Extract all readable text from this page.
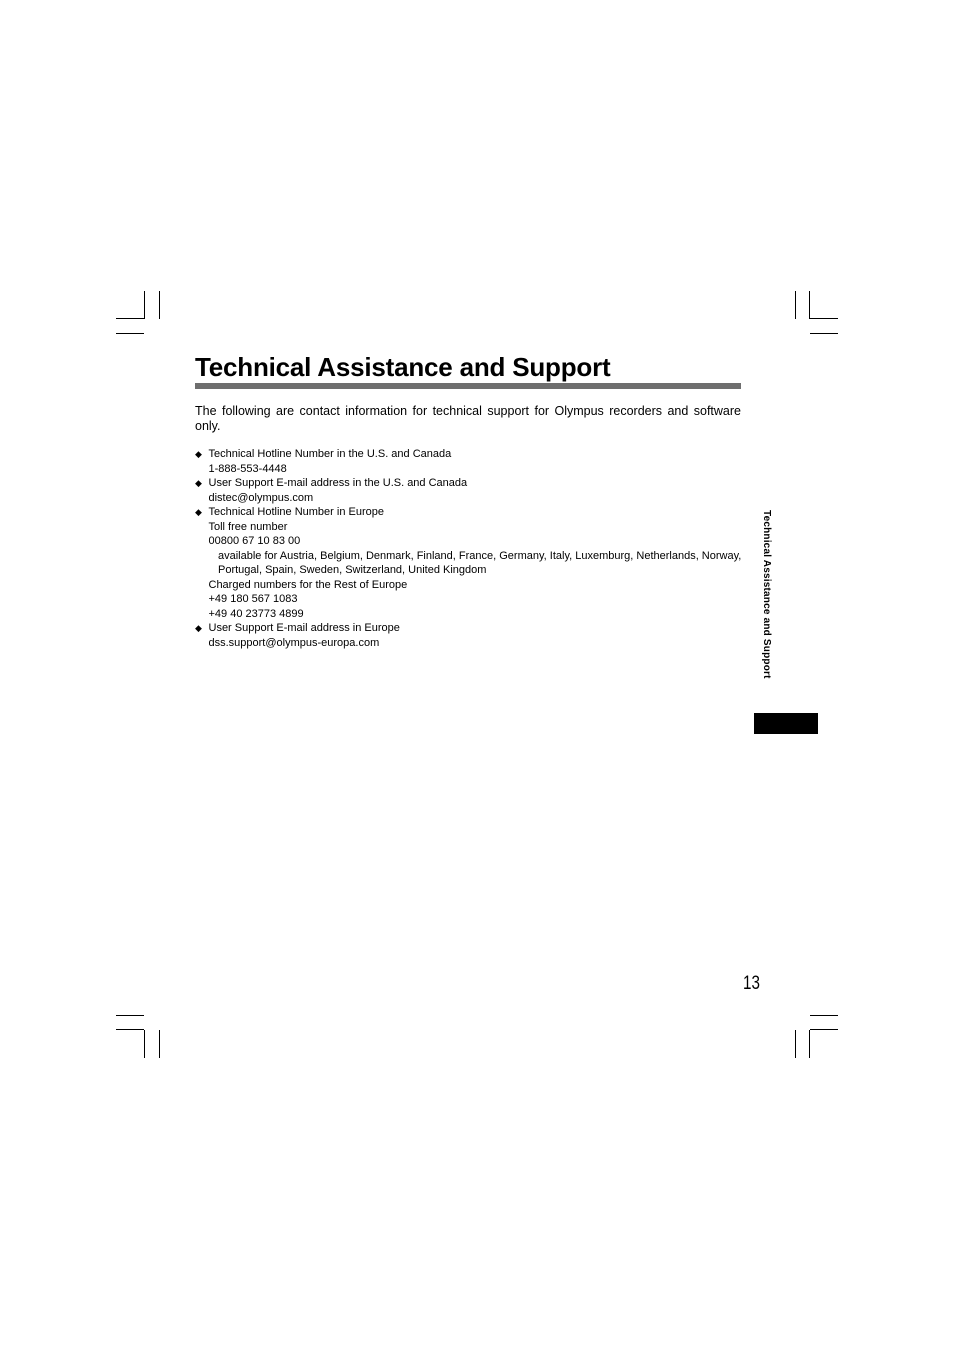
Technical Assistance and Support

The following are contact information for technical support for Olympus recorders and software only.

◆ Technical Hotline Number in the U.S. and Canada
1-888-553-4448
◆ User Support E-mail address in the U.S. and Canada
distec@olympus.com
◆ Technical Hotline Number in Europe
Toll free number
00800 67 10 83 00
available for Austria, Belgium, Denmark, Finland, France, Germany, Italy, Luxemburg, Netherlands, Norway, Portugal, Spain, Sweden, Switzerland, United Kingdom
Charged numbers for the Rest of Europe
+49 180 567 1083
+49 40 23773 4899
◆ User Support E-mail address in Europe
dss.support@olympus-europa.com	Technical Assistance and Support
13
